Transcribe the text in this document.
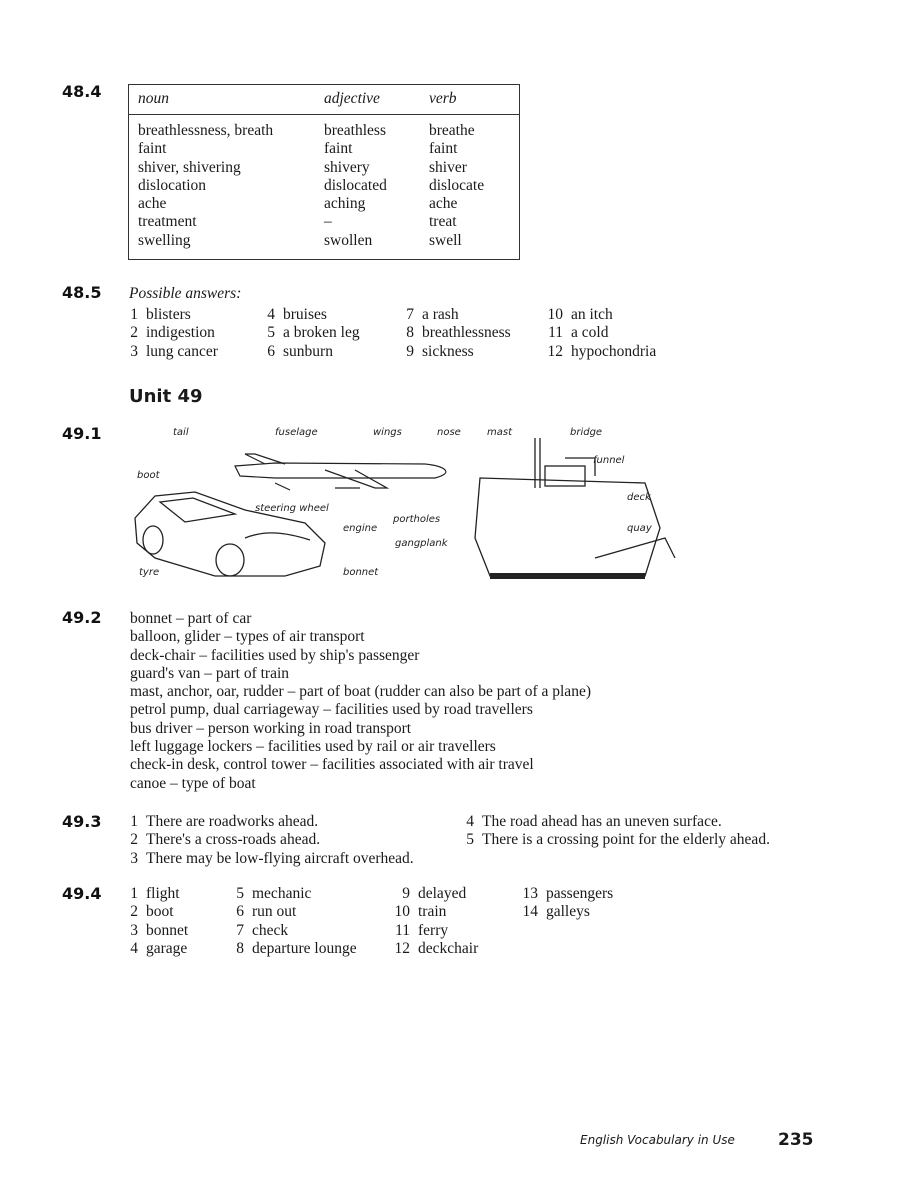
48.4 noun	adjective	verb
breathlessness, breath	breathless	breathe
faint	faint	faint
shiver, shivering	shivery	shiver
dislocation	dislocated	dislocate
ache	aching	ache
treatment	–	treat
swelling	swollen	swell
48.5 Possible answers:
1 blisters
2 indigestion
3 lung cancer
4 bruises
5 a broken leg
6 sunburn
7 a rash
8 breathlessness
9 sickness
10 an itch
11 a cold
12 hypochondria
Unit 49
49.1	tail	fuselage	wings	nose	mast	bridge
funnel
boot
deck
steering wheel
portholes
quay
engine
gangplank
tyre	bonnet
49.2 bonnet – part of car
balloon, glider – types of air transport
deck-chair – facilities used by ship's passenger
guard's van – part of train
mast, anchor, oar, rudder – part of boat (rudder can also be part of a plane)
petrol pump, dual carriageway – facilities used by road travellers
bus driver – person working in road transport
left luggage lockers – facilities used by rail or air travellers
check-in desk, control tower – facilities associated with air travel
canoe – type of boat
49.3	1 There are roadworks ahead.
2 There's a cross-roads ahead.
3 There may be low-flying aircraft overhead.
4 The road ahead has an uneven surface.
5 There is a crossing point for the elderly ahead.
49.4	1 flight
2 boot
3 bonnet
4 garage
5 mechanic
6 run out
7 check
8 departure lounge
9 delayed
10 train
11 ferry
12 deckchair
13 passengers
14 galleys
English Vocabulary in Use	235
